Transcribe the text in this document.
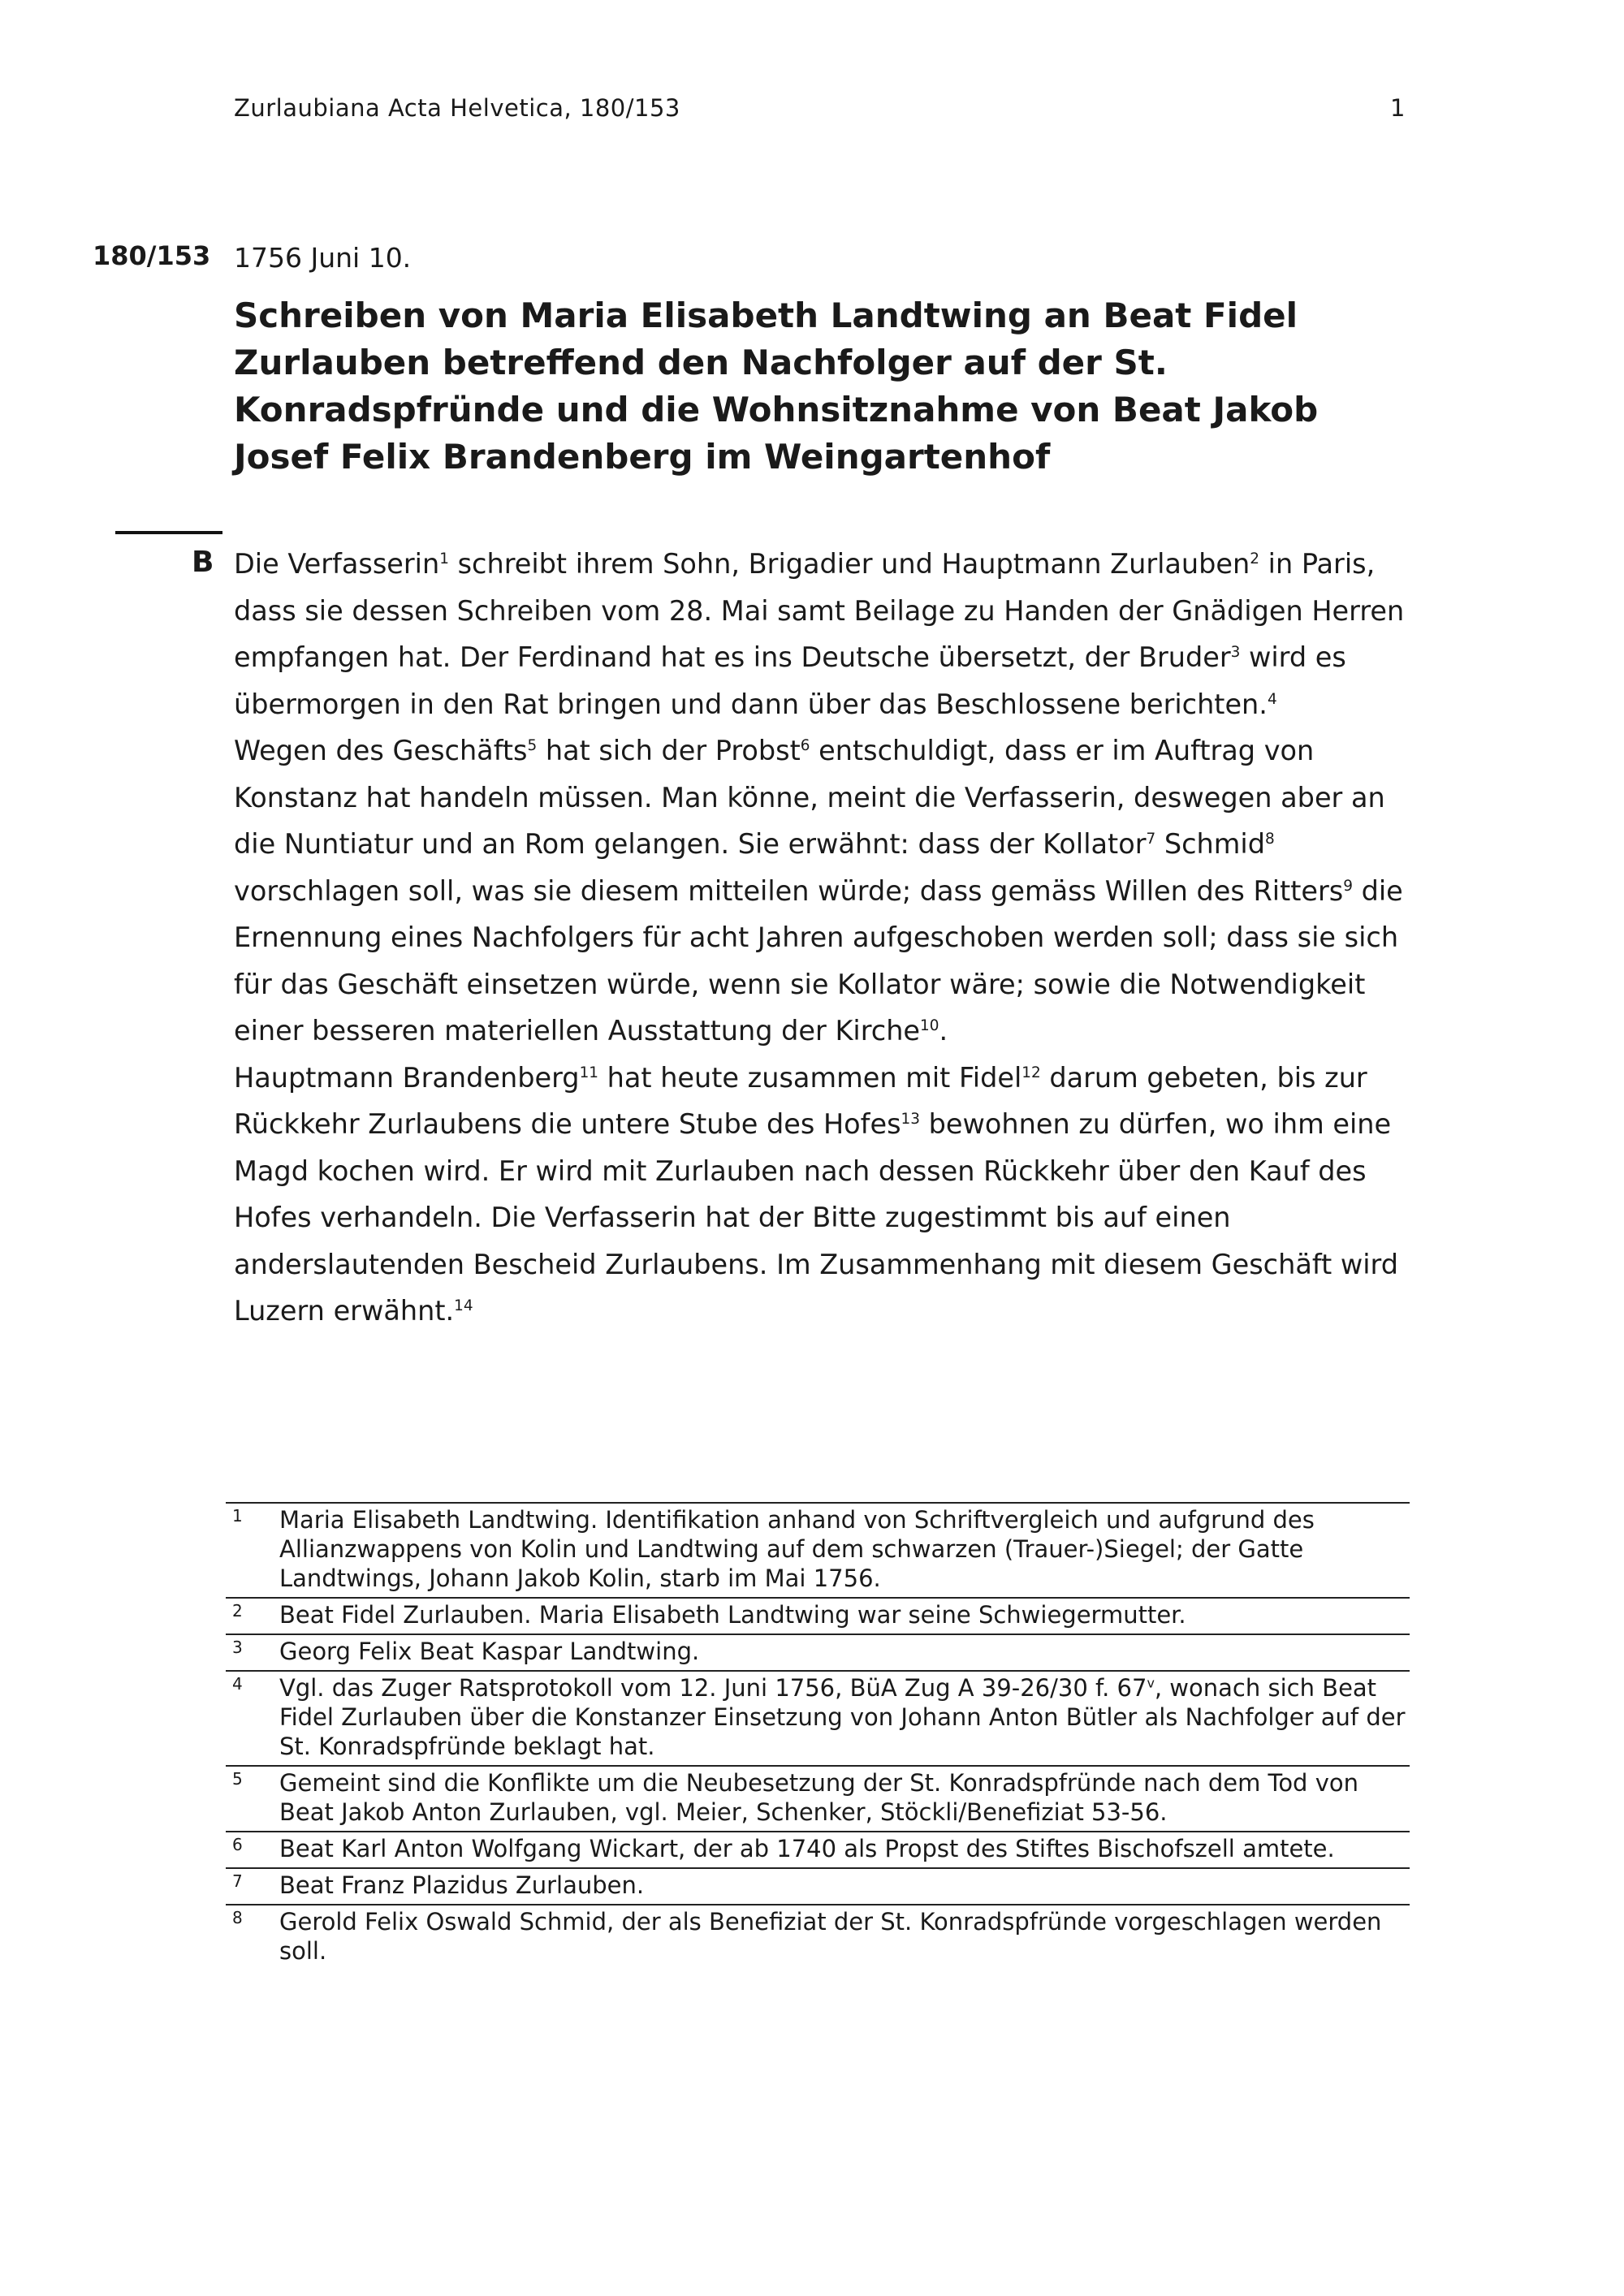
Zurlaubiana Acta Helvetica, 180/153	1
180/153 1756 Juni 10.
Schreiben von Maria Elisabeth Landtwing an Beat Fidel Zurlauben betreffend den Nachfolger auf der St. Konradspfründe und die Wohnsitznahme von Beat Jakob Josef Felix Brandenberg im Weingartenhof
B Die Verfasserin$^1$ schreibt ihrem Sohn, Brigadier und Hauptmann Zurlauben$^2$ in Paris, dass sie dessen Schreiben vom 28. Mai samt Beilage zu Handen der Gnädigen Herren empfangen hat. Der Ferdinand hat es ins Deutsche übersetzt, der Bruder$^3$ wird es übermorgen in den Rat bringen und dann über das Beschlossene berichten.$^4$

Wegen des Geschäfts$^5$ hat sich der Probst$^6$ entschuldigt, dass er im Auftrag von Konstanz hat handeln müssen. Man könne, meint die Verfasserin, deswegen aber an die Nuntiatur und an Rom gelangen. Sie erwähnt: dass der Kollator$^7$ Schmid$^8$ vorschlagen soll, was sie diesem mitteilen würde; dass gemäss Willen des Ritters$^9$ die Ernennung eines Nachfolgers für acht Jahren aufgeschoben werden soll; dass sie sich für das Geschäft einsetzen würde, wenn sie Kollator wäre; sowie die Notwendigkeit einer besseren materiellen Ausstattung der Kirche$^{10}$.

Hauptmann Brandenberg$^{11}$ hat heute zusammen mit Fidel$^{12}$ darum gebeten, bis zur Rückkehr Zurlaubens die untere Stube des Hofes$^{13}$ bewohnen zu dürfen, wo ihm eine Magd kochen wird. Er wird mit Zurlauben nach dessen Rückkehr über den Kauf des Hofes verhandeln. Die Verfasserin hat der Bitte zugestimmt bis auf einen anderslautenden Bescheid Zurlaubens. Im Zusammenhang mit diesem Geschäft wird Luzern erwähnt.$^{14}$

1	Maria Elisabeth Landtwing. Identifikation anhand von Schriftvergleich und aufgrund des Allianzwappens von Kolin und Landtwing auf dem schwarzen (Trauer-)Siegel; der Gatte Landtwings, Johann Jakob Kolin, starb im Mai 1756.
2	Beat Fidel Zurlauben. Maria Elisabeth Landtwing war seine Schwiegermutter.
3	Georg Felix Beat Kaspar Landtwing.
4	Vgl. das Zuger Ratsprotokoll vom 12. Juni 1756, BüA Zug A 39-26/30 f. 67$^v$, wonach sich Beat Fidel Zurlauben über die Konstanzer Einsetzung von Johann Anton Bütler als Nachfolger auf der St. Konradspfründe beklagt hat.
5	Gemeint sind die Konflikte um die Neubesetzung der St. Konradspfründe nach dem Tod von Beat Jakob Anton Zurlauben, vgl. Meier, Schenker, Stöckli/Benefiziat 53-56.
6	Beat Karl Anton Wolfgang Wickart, der ab 1740 als Propst des Stiftes Bischofszell amtete.
7	Beat Franz Plazidus Zurlauben.
8	Gerold Felix Oswald Schmid, der als Benefiziat der St. Konradspfründe vorgeschlagen werden soll.
